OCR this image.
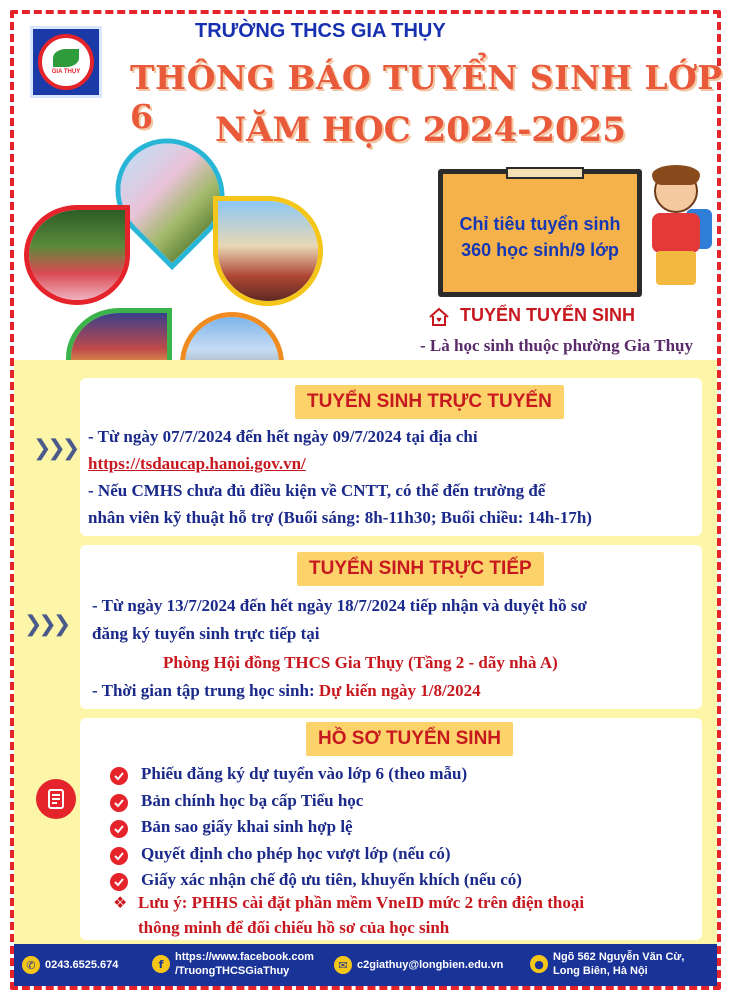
GIA THỤY
TRƯỜNG THCS GIA THỤY
THÔNG BÁO TUYỂN SINH LỚP 6	NĂM HỌC 2024-2025
Chỉ tiêu tuyển sinh
360 học sinh/9 lớp
TUYỂN TUYỂN SINH
- Là học sinh thuộc phường Gia Thụy
TUYỂN SINH TRỰC TUYẾN
❯❯❯ - Từ ngày 07/7/2024 đến hết ngày 09/7/2024 tại địa chỉ
https://tsdaucap.hanoi.gov.vn/
- Nếu CMHS chưa đủ điều kiện về CNTT, có thể đến trường để
nhân viên kỹ thuật hỗ trợ (Buổi sáng: 8h-11h30; Buổi chiều: 14h-17h)
TUYỂN SINH TRỰC TIẾP
❯❯❯
- Từ ngày 13/7/2024 đến hết ngày 18/7/2024 tiếp nhận và duyệt hồ sơ
đăng ký tuyển sinh trực tiếp tại
Phòng Hội đồng THCS Gia Thụy (Tầng 2 - dãy nhà A)
- Thời gian tập trung học sinh: Dự kiến ngày 1/8/2024
HỒ SƠ TUYỂN SINH
Phiếu đăng ký dự tuyển vào lớp 6 (theo mẫu)
Bản chính học bạ cấp Tiểu học
Bản sao giấy khai sinh hợp lệ
Quyết định cho phép học vượt lớp (nếu có)
Giấy xác nhận chế độ ưu tiên, khuyến khích (nếu có)
❖ Lưu ý: PHHS cài đặt phần mềm VneID mức 2 trên điện thoại
thông minh để đối chiếu hồ sơ của học sinh
✆ 0243.6525.674	f
https://www.facebook.com
/TruongTHCSGiaThuy	✉ c2giathuy@longbien.edu.vn	●
Ngõ 562 Nguyễn Văn Cừ,
Long Biên, Hà Nội
